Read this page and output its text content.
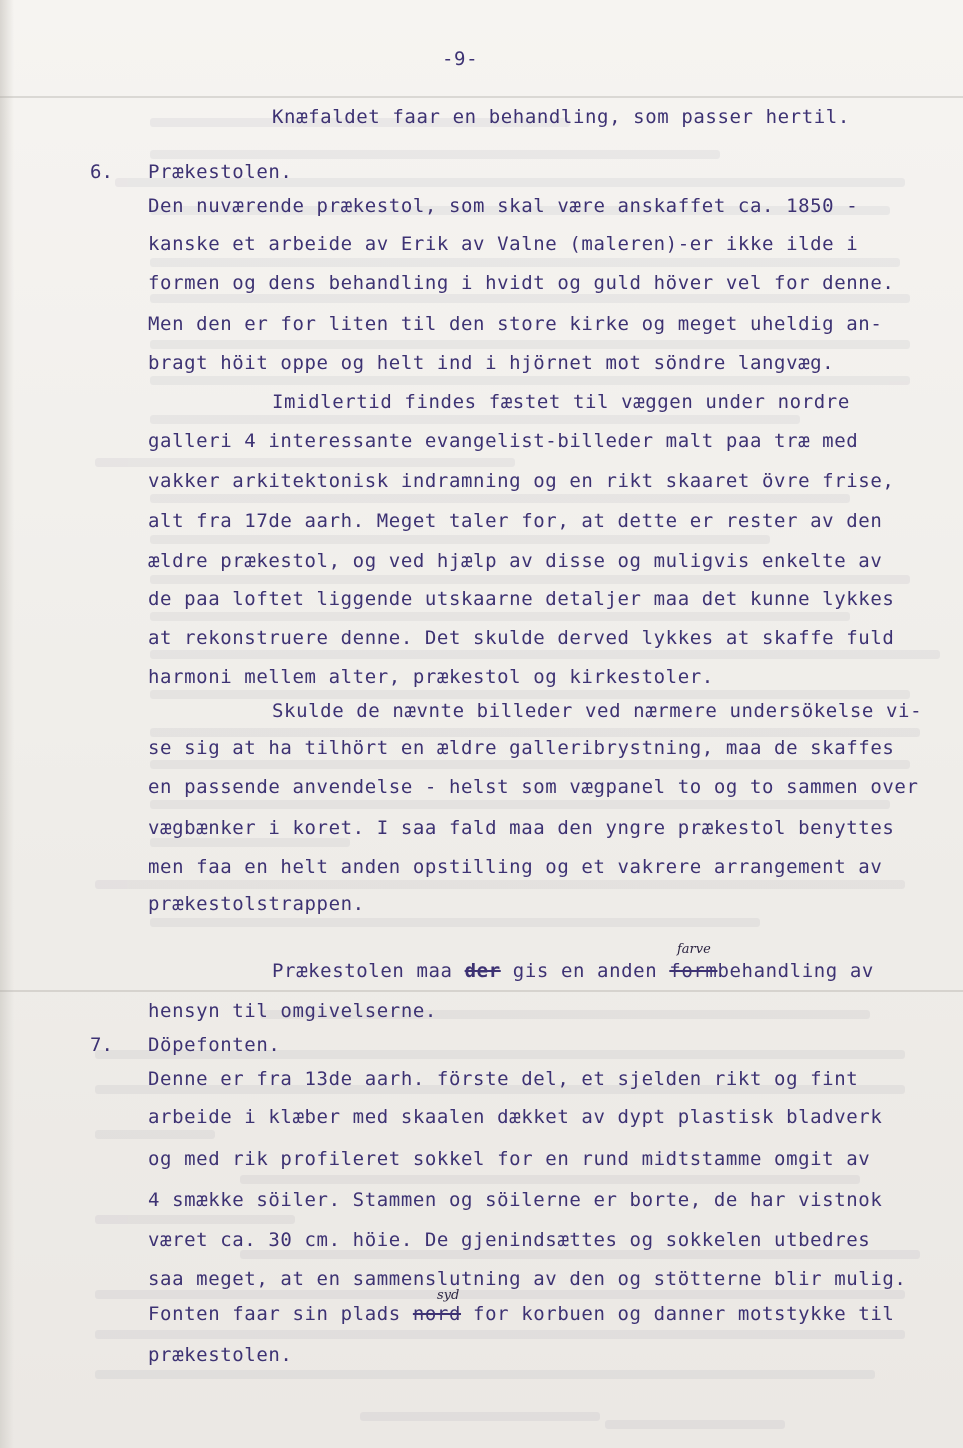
-9-
Knæfaldet faar en behandling, som passer hertil.
6. Prækestolen.
Den nuværende prækestol, som skal være anskaffet ca. 1850 -
kanske et arbeide av Erik av Valne (maleren)-er ikke ilde i
formen og dens behandling i hvidt og guld höver vel for denne.
Men den er for liten til den store kirke og meget uheldig an-
bragt höit oppe og helt ind i hjörnet mot söndre langvæg.
Imidlertid findes fæstet til væggen under nordre
galleri 4 interessante evangelist-billeder malt paa træ med
vakker arkitektonisk indramning og en rikt skaaret övre frise,
alt fra 17de aarh. Meget taler for, at dette er rester av den
ældre prækestol, og ved hjælp av disse og muligvis enkelte av
de paa loftet liggende utskaarne detaljer maa det kunne lykkes
at rekonstruere denne. Det skulde derved lykkes at skaffe fuld
harmoni mellem alter, prækestol og kirkestoler.
Skulde de nævnte billeder ved nærmere undersökelse vi-
se sig at ha tilhört en ældre galleribrystning, maa de skaffes
en passende anvendelse - helst som vægpanel to og to sammen over
vægbænker i koret. I saa fald maa den yngre prækestol benyttes
men faa en helt anden opstilling og et vakrere arrangement av
prækestolstrappen.
farve
Prækestolen maa der gis en anden formbehandling av
hensyn til omgivelserne.
7. Döpefonten.
Denne er fra 13de aarh. förste del, et sjelden rikt og fint
arbeide i klæber med skaalen dækket av dypt plastisk bladverk
og med rik profileret sokkel for en rund midtstamme omgit av
4 smække söiler. Stammen og söilerne er borte, de har vistnok
været ca. 30 cm. höie. De gjenindsættes og sokkelen utbedres
saa meget, at en sammenslutning av den og stötterne blir mulig.
syd
Fonten faar sin plads nord for korbuen og danner motstykke til
prækestolen.
